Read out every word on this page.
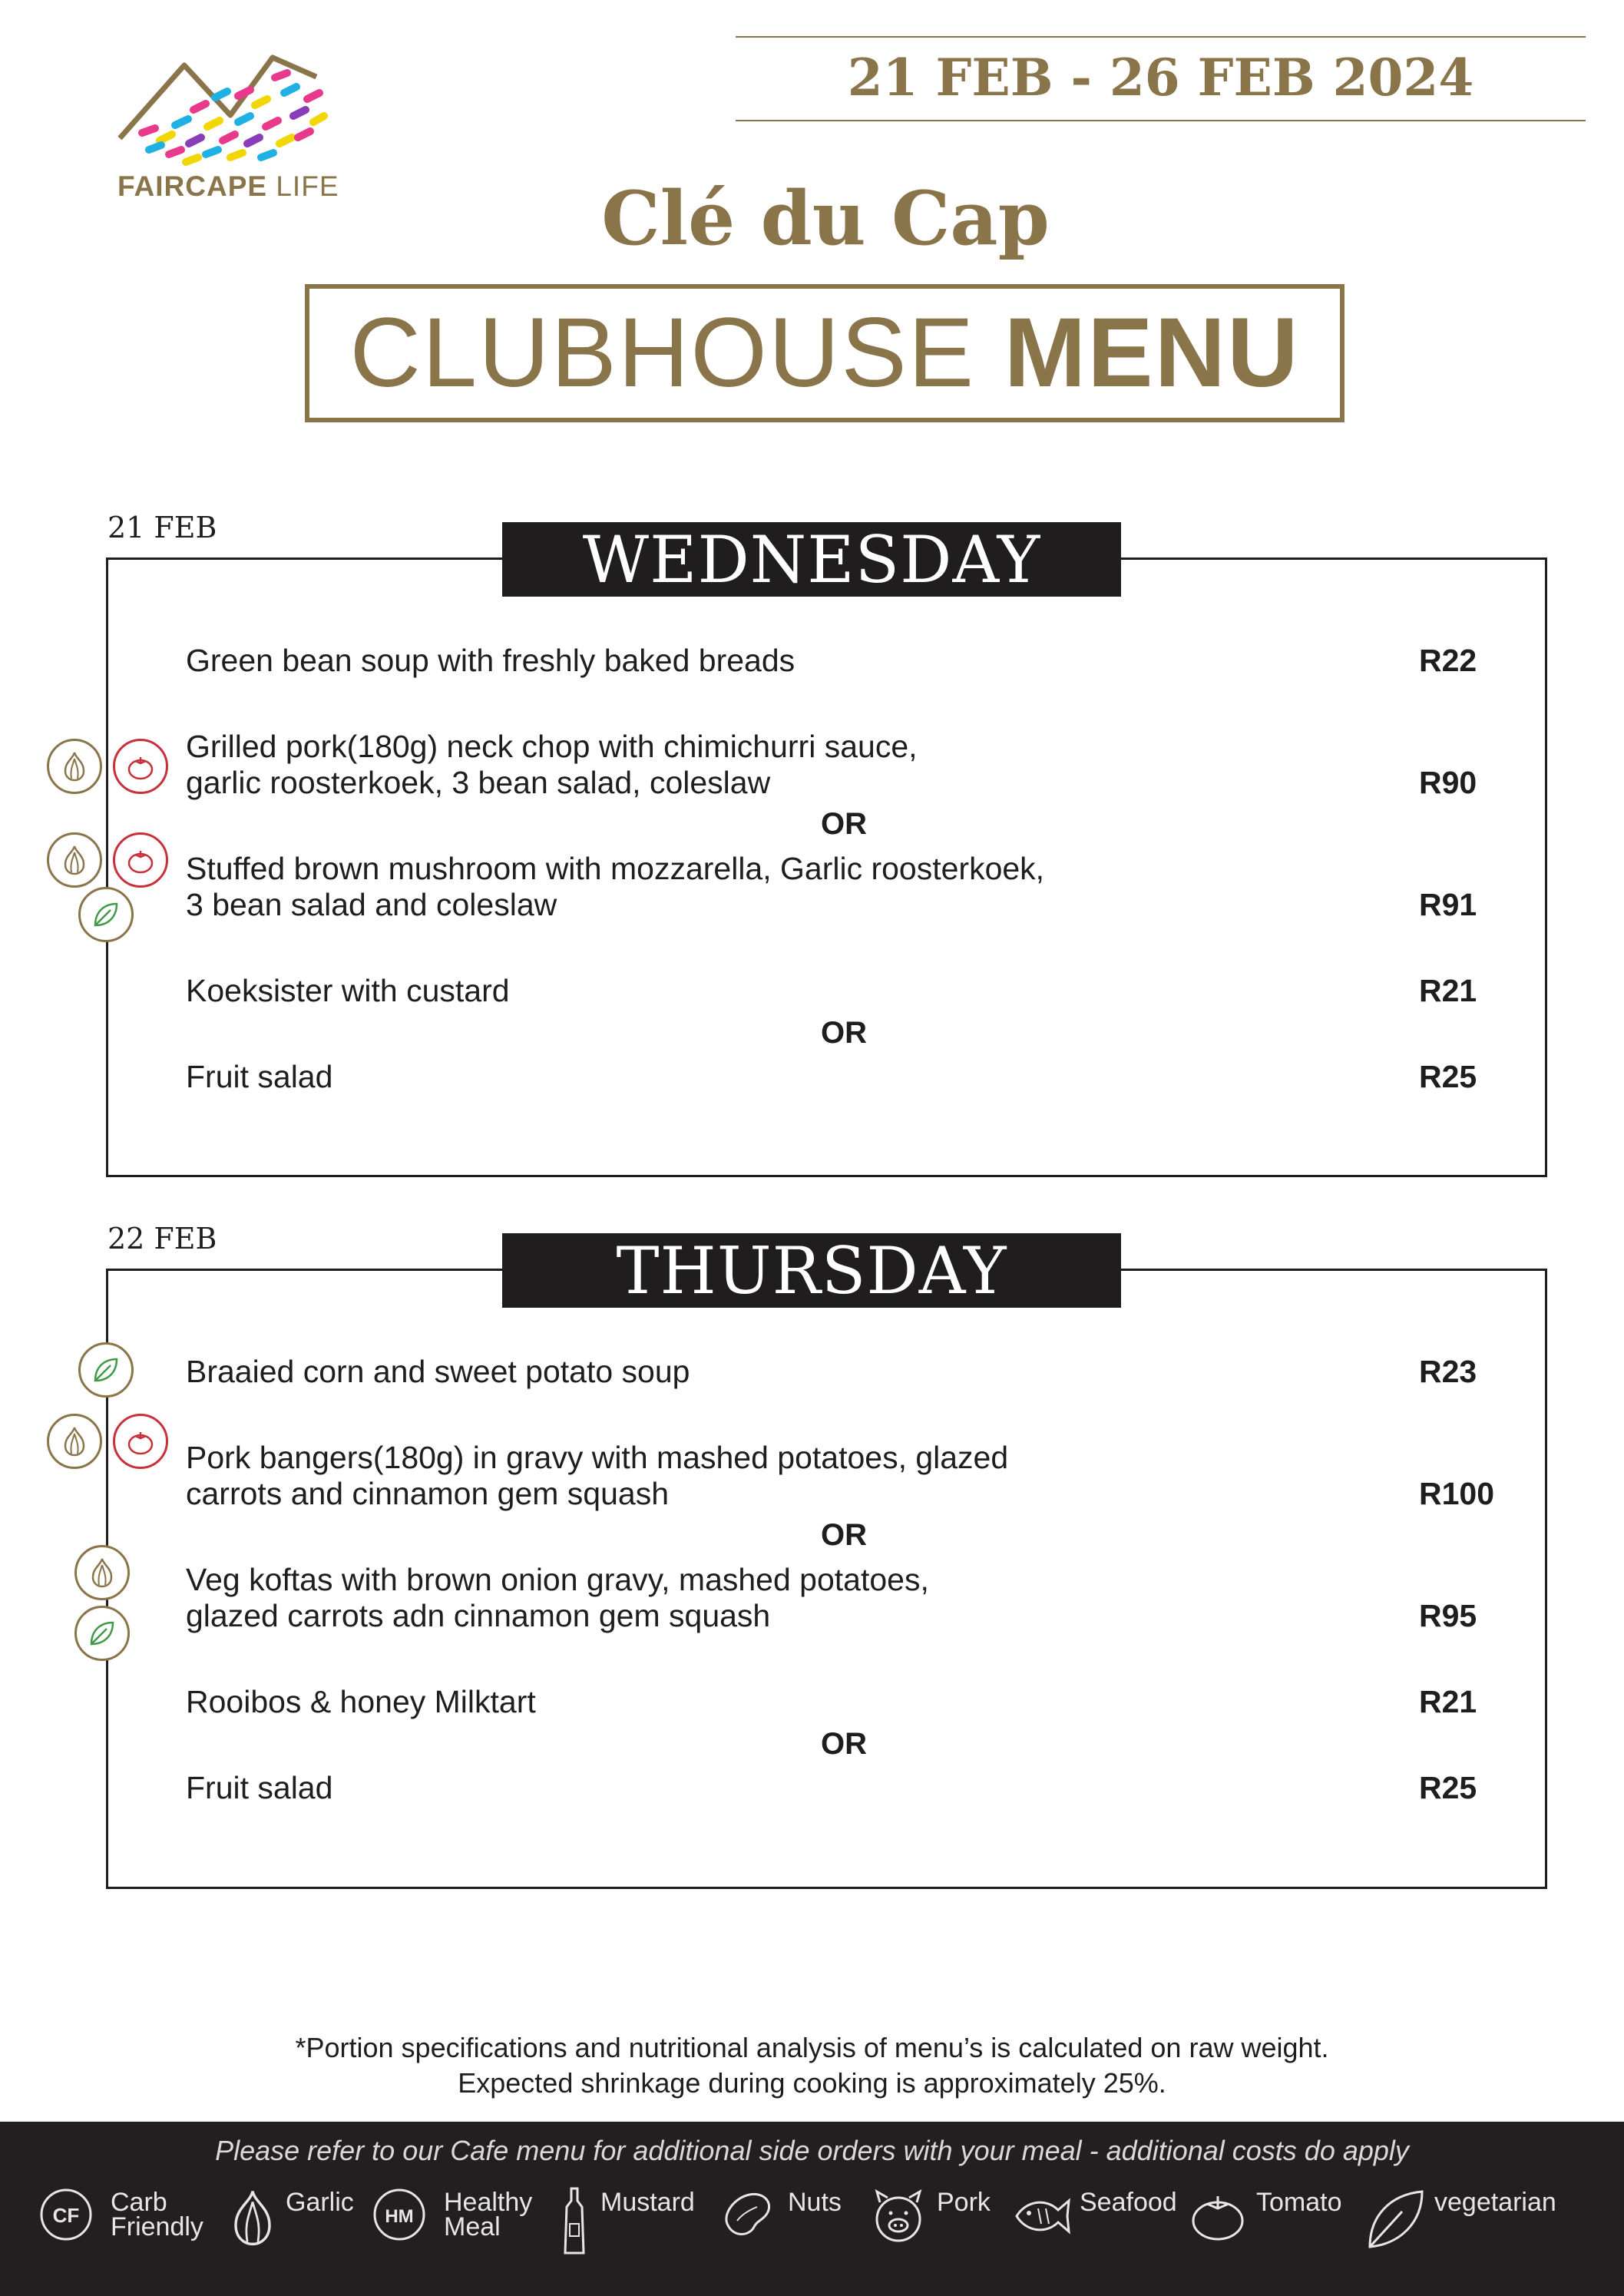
FAIRCAPE LIFE
21 FEB - 26 FEB 2024
Clé du Cap
CLUBHOUSE MENU
21 FEB	WEDNESDAY
Green bean soup with freshly baked breads	R22
Grilled pork(180g) neck chop with chimichurri sauce,
garlic roosterkoek, 3 bean salad, coleslaw	R90
OR
Stuffed brown mushroom with mozzarella, Garlic roosterkoek,
3 bean salad and coleslaw	R91
Koeksister with custard	R21
OR
Fruit salad	R25
22 FEB	THURSDAY
Braaied corn and sweet potato soup	R23
Pork bangers(180g) in gravy with mashed potatoes, glazed
carrots and cinnamon gem squash	R100
OR
Veg koftas with brown onion gravy, mashed potatoes,
glazed carrots adn cinnamon gem squash	R95
Rooibos & honey Milktart	R21
OR
Fruit salad	R25
*Portion specifications and nutritional analysis of menu’s is calculated on raw weight.
Expected shrinkage during cooking is approximately 25%.
Please refer to our Cafe menu for additional side orders with your meal - additional costs do apply
CF Carb
Friendly
Garlic HM Healthy
Meal
Mustard	Nuts	Pork	Seafood	Tomato	vegetarian
